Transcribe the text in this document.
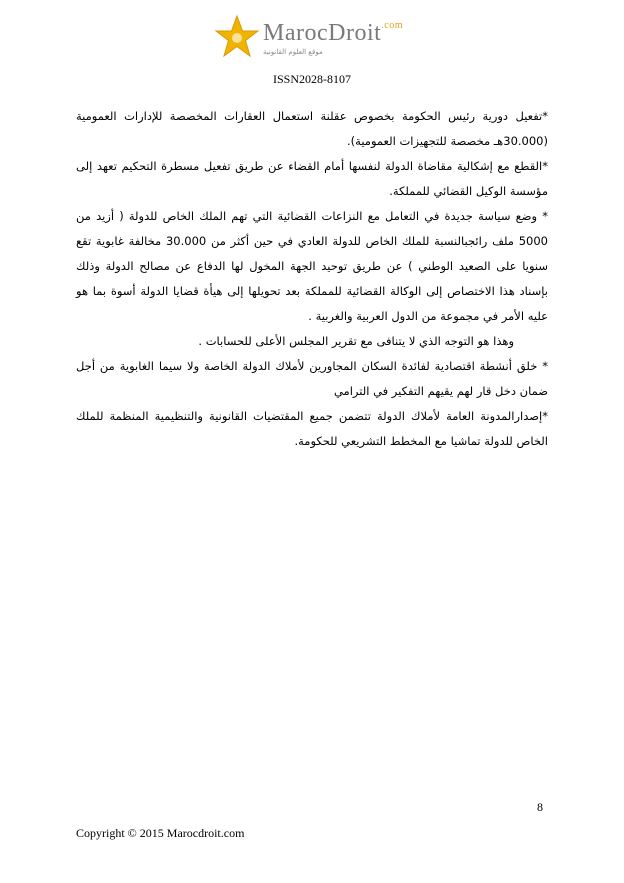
MarocDroit$^{.com}$
موقع العلوم القانونية
ISSN2028-8107

*تفعيل دورية رئيس الحكومة بخصوص عقلنة استعمال العقارات المخصصة للإدارات العمومية (30.000هـ مخصصة للتجهيزات العمومية).

*القطع مع إشكالية مقاضاة الدولة لنفسها أمام القضاء عن طريق تفعيل مسطرة التحكيم تعهد إلى مؤسسة الوكيل القضائي للمملكة.

* وضع سياسة جديدة في التعامل مع النزاعات القضائية التي تهم الملك الخاص للدولة ( أزيد من 5000 ملف رائجبالنسبة للملك الخاص للدولة العادي في حين أكثر من 30.000 مخالفة غابوية تقع سنويا على الصعيد الوطني ) عن طريق توحيد الجهة المخول لها الدفاع عن مصالح الدولة وذلك بإسناد هذا الاختصاص إلى الوكالة القضائية للمملكة بعد تحويلها إلى هيأة قضايا الدولة أسوة بما هو عليه الأمر في مجموعة من الدول العربية والغربية .

وهذا هو التوجه الذي لا يتنافى مع تقرير المجلس الأعلى للحسابات .

* خلق أنشطة اقتصادية لفائدة السكان المجاورين لأملاك الدولة الخاصة ولا سيما الغابوية من أجل ضمان دخل قار لهم يقيهم التفكير في الترامي

*إصدارالمدونة العامة لأملاك الدولة تتضمن جميع المقتضيات القانونية والتنظيمية المنظمة للملك الخاص للدولة تماشيا مع المخطط التشريعي للحكومة.

8
Copyright © 2015 Marocdroit.com
